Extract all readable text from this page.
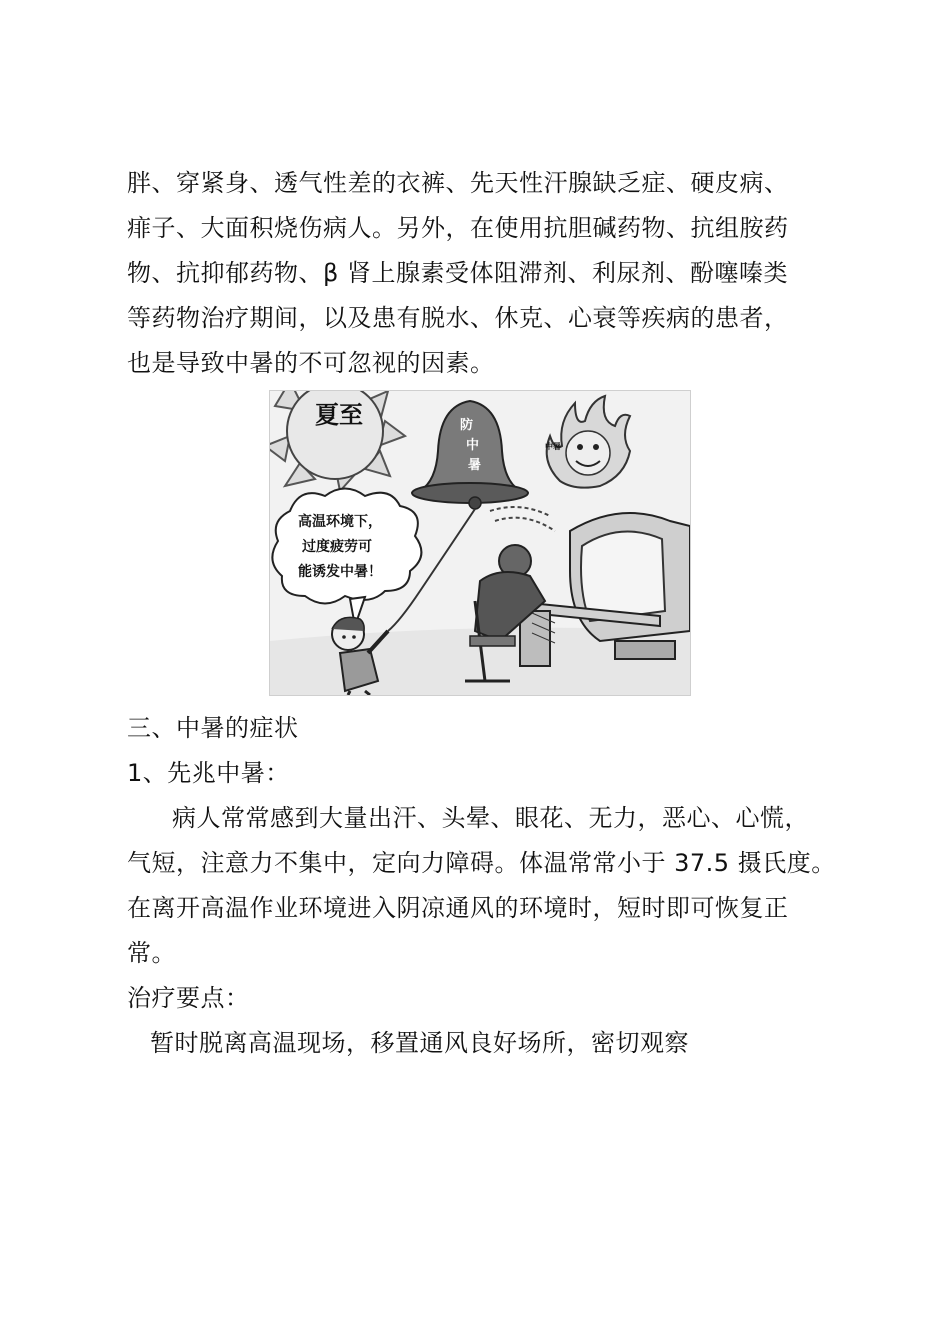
胖、穿紧身、透气性差的衣裤、先天性汗腺缺乏症、硬皮病、
痱子、大面积烧伤病人。另外，在使用抗胆碱药物、抗组胺药
物、抗抑郁药物、β 肾上腺素受体阻滞剂、利尿剂、酚噻嗪类
等药物治疗期间，以及患有脱水、休克、心衰等疾病的患者，
也是导致中暑的不可忽视的因素。
夏至	防
中
暑
中暑
高温环境下，
过度疲劳可
能诱发中暑！
三、中暑的症状
1、先兆中暑：
病人常常感到大量出汗、头晕、眼花、无力，恶心、心慌，
气短，注意力不集中，定向力障碍。体温常常小于 37.5 摄氏度。
在离开高温作业环境进入阴凉通风的环境时，短时即可恢复正
常。
治疗要点：
暂时脱离高温现场，移置通风良好场所，密切观察
